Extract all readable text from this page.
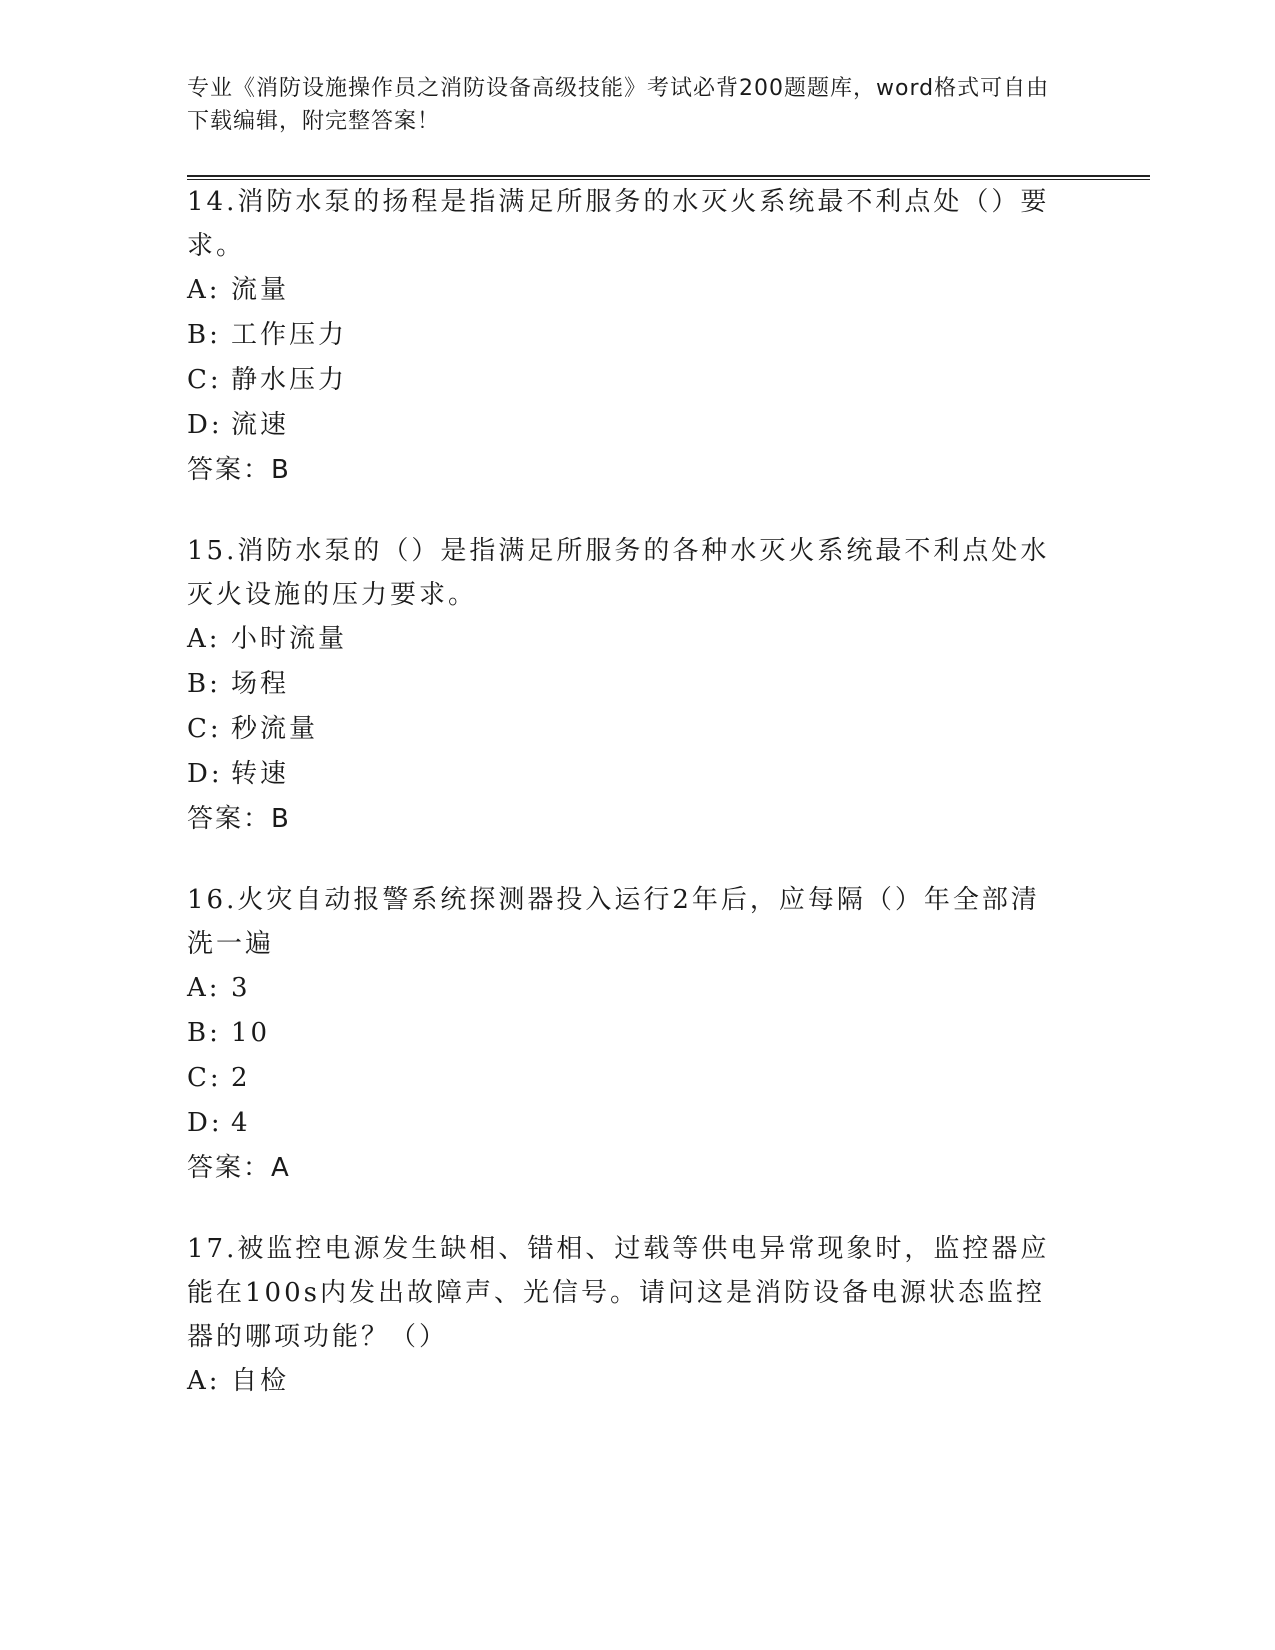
专业《消防设施操作员之消防设备高级技能》考试必背200题题库，word格式可自由下载编辑，附完整答案！

14.消防水泵的扬程是指满足所服务的水灭火系统最不利点处（）要求。

A: 流量
B: 工作压力
C: 静水压力
D: 流速
答案：B

15.消防水泵的（）是指满足所服务的各种水灭火系统最不利点处水灭火设施的压力要求。

A: 小时流量
B: 场程
C: 秒流量
D: 转速
答案：B

16.火灾自动报警系统探测器投入运行2年后，应每隔（）年全部清洗一遍

A: 3
B: 10
C: 2
D: 4
答案：A

17.被监控电源发生缺相、错相、过载等供电异常现象时，监控器应能在100s内发出故障声、光信号。请问这是消防设备电源状态监控器的哪项功能？（）

A: 自检
